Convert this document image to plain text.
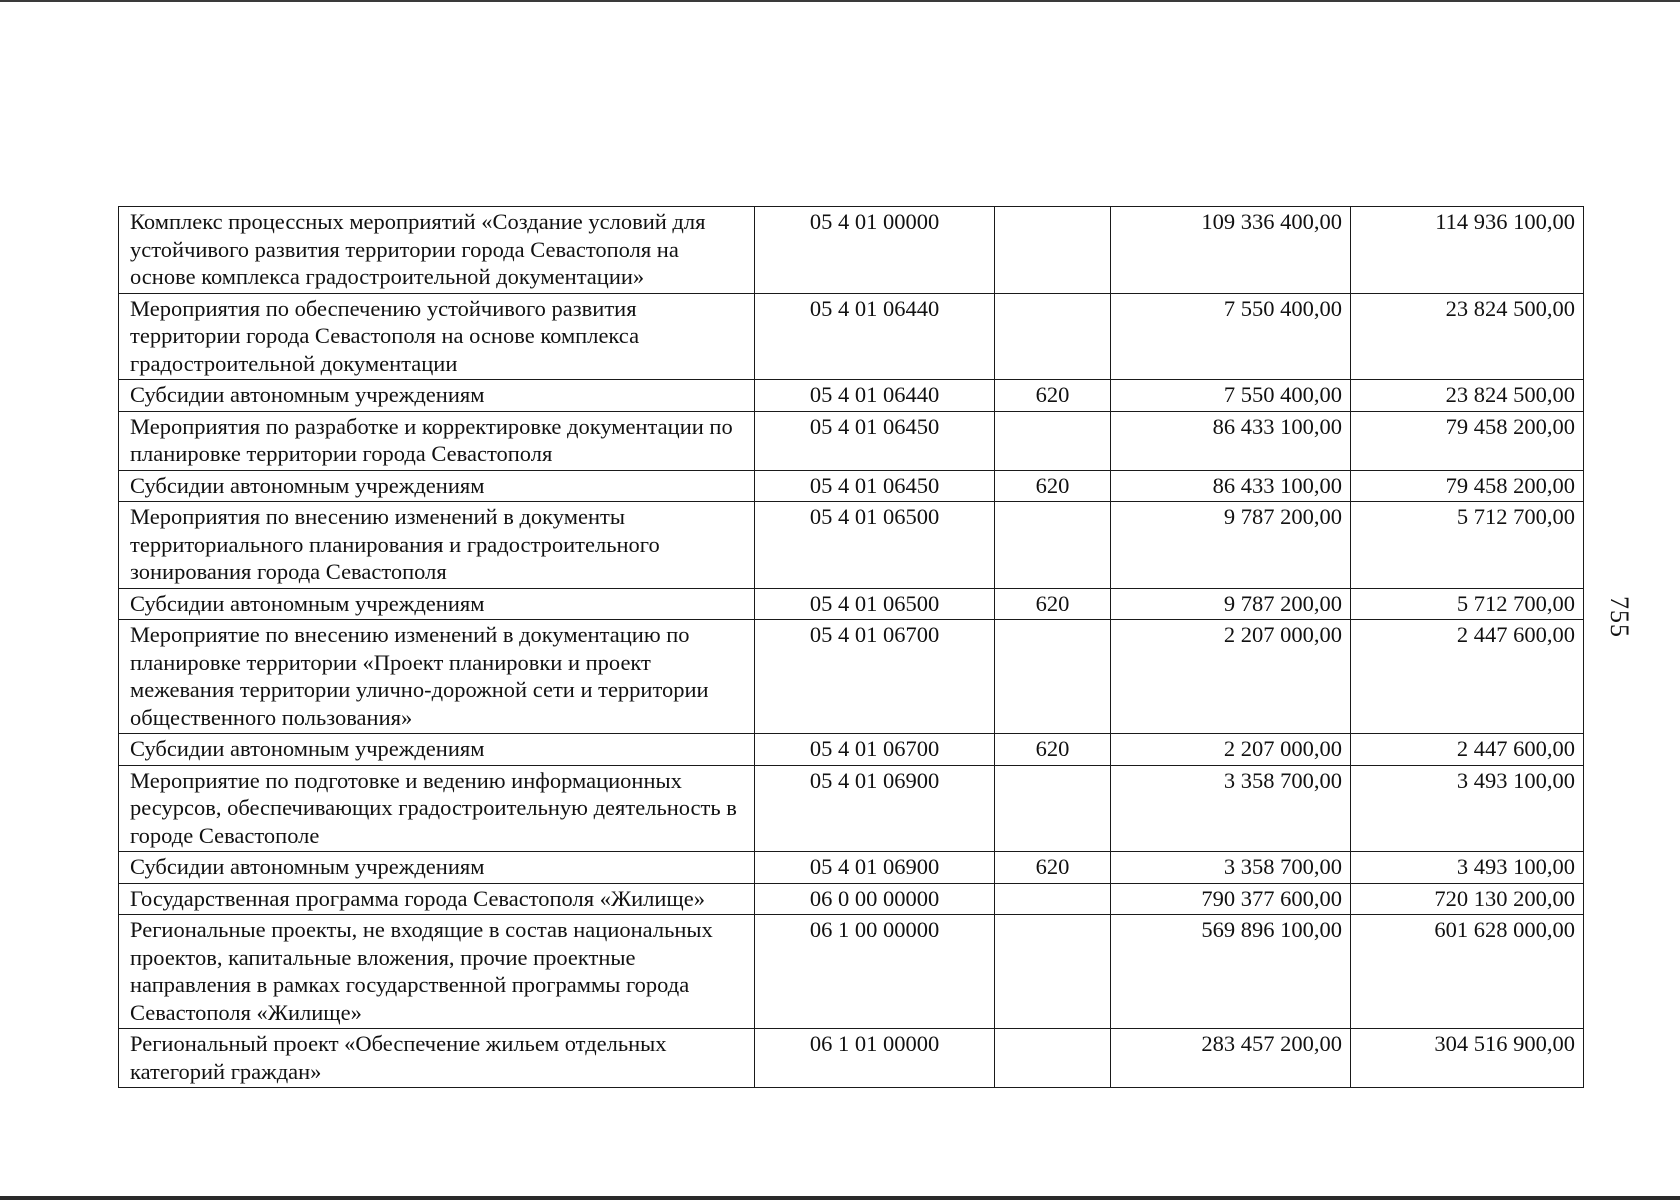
Комплекс процессных мероприятий «Создание условий для устойчивого развития территории города Севастополя на основе комплекса градостроительной документации»	05 4 01 00000		109 336 400,00	114 936 100,00
Мероприятия по обеспечению устойчивого развития территории города Севастополя на основе комплекса градостроительной документации	05 4 01 06440		7 550 400,00	23 824 500,00
Субсидии автономным учреждениям	05 4 01 06440	620	7 550 400,00	23 824 500,00
Мероприятия по разработке и корректировке документации по планировке территории города Севастополя	05 4 01 06450		86 433 100,00	79 458 200,00
Субсидии автономным учреждениям	05 4 01 06450	620	86 433 100,00	79 458 200,00
Мероприятия по внесению изменений в документы территориального планирования и градостроительного зонирования города Севастополя	05 4 01 06500		9 787 200,00	5 712 700,00
Субсидии автономным учреждениям	05 4 01 06500	620	9 787 200,00	5 712 700,00
Мероприятие по внесению изменений в документацию по планировке территории «Проект планировки и проект межевания территории улично-дорожной сети и территории общественного пользования»	05 4 01 06700		2 207 000,00	2 447 600,00
Субсидии автономным учреждениям	05 4 01 06700	620	2 207 000,00	2 447 600,00
Мероприятие по подготовке и ведению информационных ресурсов, обеспечивающих градостроительную деятельность в городе Севастополе	05 4 01 06900		3 358 700,00	3 493 100,00
Субсидии автономным учреждениям	05 4 01 06900	620	3 358 700,00	3 493 100,00
Государственная программа города Севастополя «Жилище»	06 0 00 00000		790 377 600,00	720 130 200,00
Региональные проекты, не входящие в состав национальных проектов, капитальные вложения, прочие проектные направления в рамках государственной программы города Севастополя «Жилище»	06 1 00 00000		569 896 100,00	601 628 000,00
Региональный проект «Обеспечение жильем отдельных категорий граждан»	06 1 01 00000		283 457 200,00	304 516 900,00
755
